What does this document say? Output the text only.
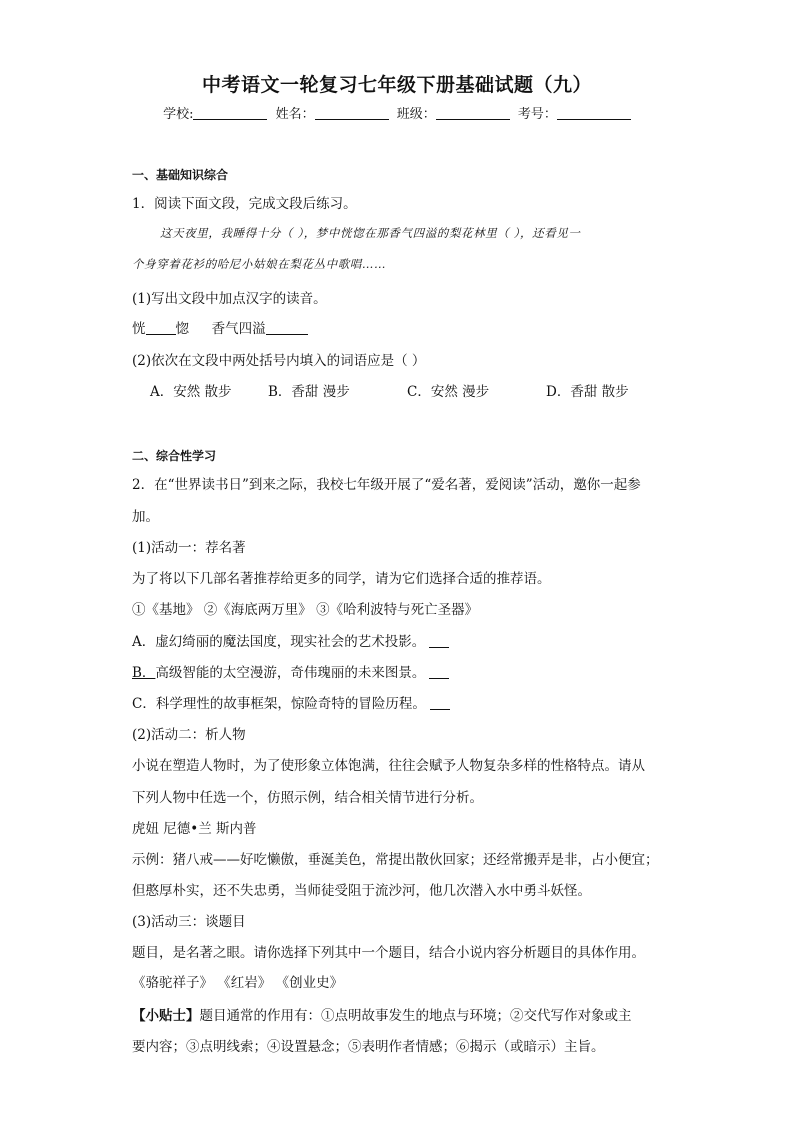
中考语文一轮复习七年级下册基础试题（九）
学校:	姓名：	班级：	考号：
一、基础知识综合
1．阅读下面文段，完成文段后练习。
这天夜里，我睡得十分（ ），梦中恍惚在那香气四溢的梨花林里（ ），还看见一
个身穿着花衫的哈尼小姑娘在梨花丛中歌唱……
(1)写出文段中加点汉字的读音。
恍 惚 香气四溢
(2)依次在文段中两处括号内填入的词语应是（ ）
A．安然 散步	B．香甜 漫步	C．安然 漫步	D．香甜 散步
二、综合性学习
2．在“世界读书日”到来之际，我校七年级开展了“爱名著，爱阅读”活动，邀你一起参
加。
(1)活动一：荐名著
为了将以下几部名著推荐给更多的同学，请为它们选择合适的推荐语。
①《基地》 ②《海底两万里》 ③《哈利波特与死亡圣器》
A．虚幻绮丽的魔法国度，现实社会的艺术投影。
B．高级智能的太空漫游，奇伟瑰丽的未来图景。
C．科学理性的故事框架，惊险奇特的冒险历程。
(2)活动二：析人物
小说在塑造人物时，为了使形象立体饱满，往往会赋予人物复杂多样的性格特点。请从
下列人物中任选一个，仿照示例，结合相关情节进行分析。
虎妞 尼德•兰 斯内普
示例：猪八戒——好吃懒傲，垂涎美色，常提出散伙回家；还经常搬弄是非，占小便宜；
但憨厚朴实，还不失忠勇，当师徒受阻于流沙河，他几次潜入水中勇斗妖怪。
(3)活动三：谈题目
题目，是名著之眼。请你选择下列其中一个题目，结合小说内容分析题目的具体作用。
《骆驼祥子》 《红岩》 《创业史》
【小贴士】题目通常的作用有：①点明故事发生的地点与环境；②交代写作对象或主
要内容；③点明线索；④设置悬念；⑤表明作者情感；⑥揭示（或暗示）主旨。
